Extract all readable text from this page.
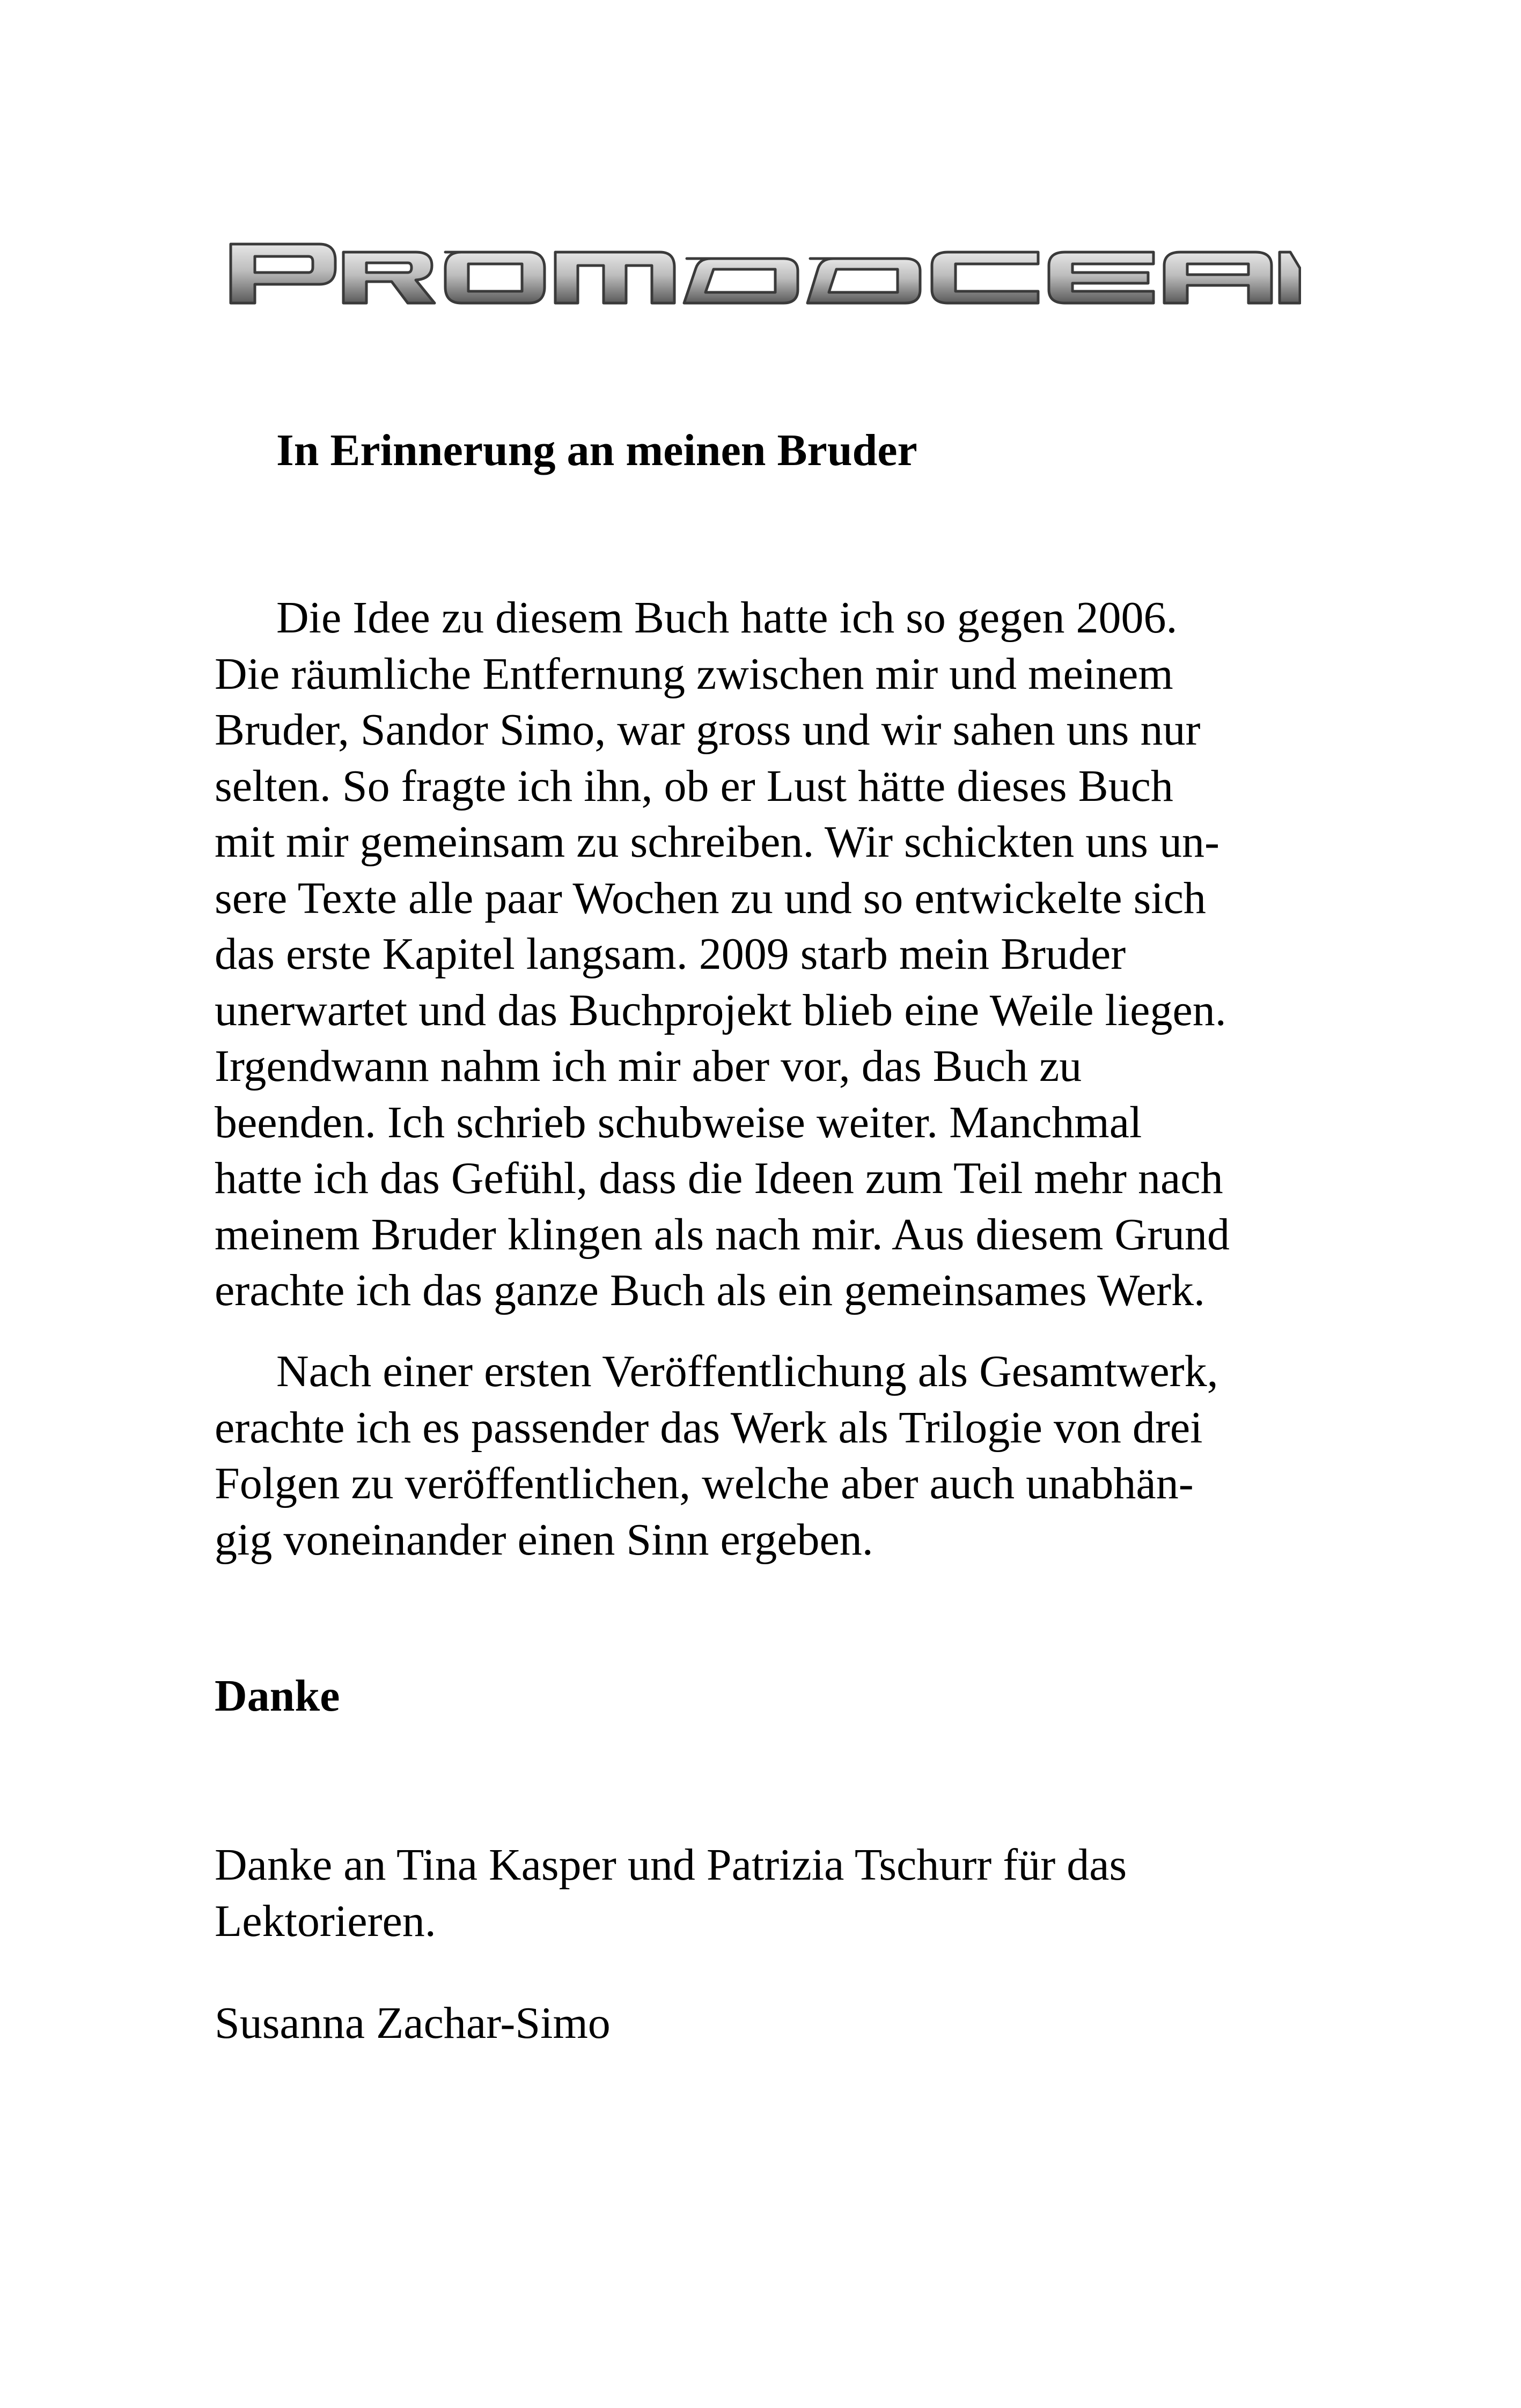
In Erinnerung an meinen Bruder

Die Idee zu diesem Buch hatte ich so gegen 2006.
Die räumliche Entfernung zwischen mir und meinem
Bruder, Sandor Simo, war gross und wir sahen uns nur
selten. So fragte ich ihn, ob er Lust hätte dieses Buch
mit mir gemeinsam zu schreiben. Wir schickten uns un-
sere Texte alle paar Wochen zu und so entwickelte sich
das erste Kapitel langsam. 2009 starb mein Bruder
unerwartet und das Buchprojekt blieb eine Weile liegen.
Irgendwann nahm ich mir aber vor, das Buch zu
beenden. Ich schrieb schubweise weiter. Manchmal
hatte ich das Gefühl, dass die Ideen zum Teil mehr nach
meinem Bruder klingen als nach mir. Aus diesem Grund
erachte ich das ganze Buch als ein gemeinsames Werk.

Nach einer ersten Veröffentlichung als Gesamtwerk,
erachte ich es passender das Werk als Trilogie von drei
Folgen zu veröffentlichen, welche aber auch unabhän-
gig voneinander einen Sinn ergeben.

Danke

Danke an Tina Kasper und Patrizia Tschurr für das
Lektorieren.

Susanna Zachar-Simo
